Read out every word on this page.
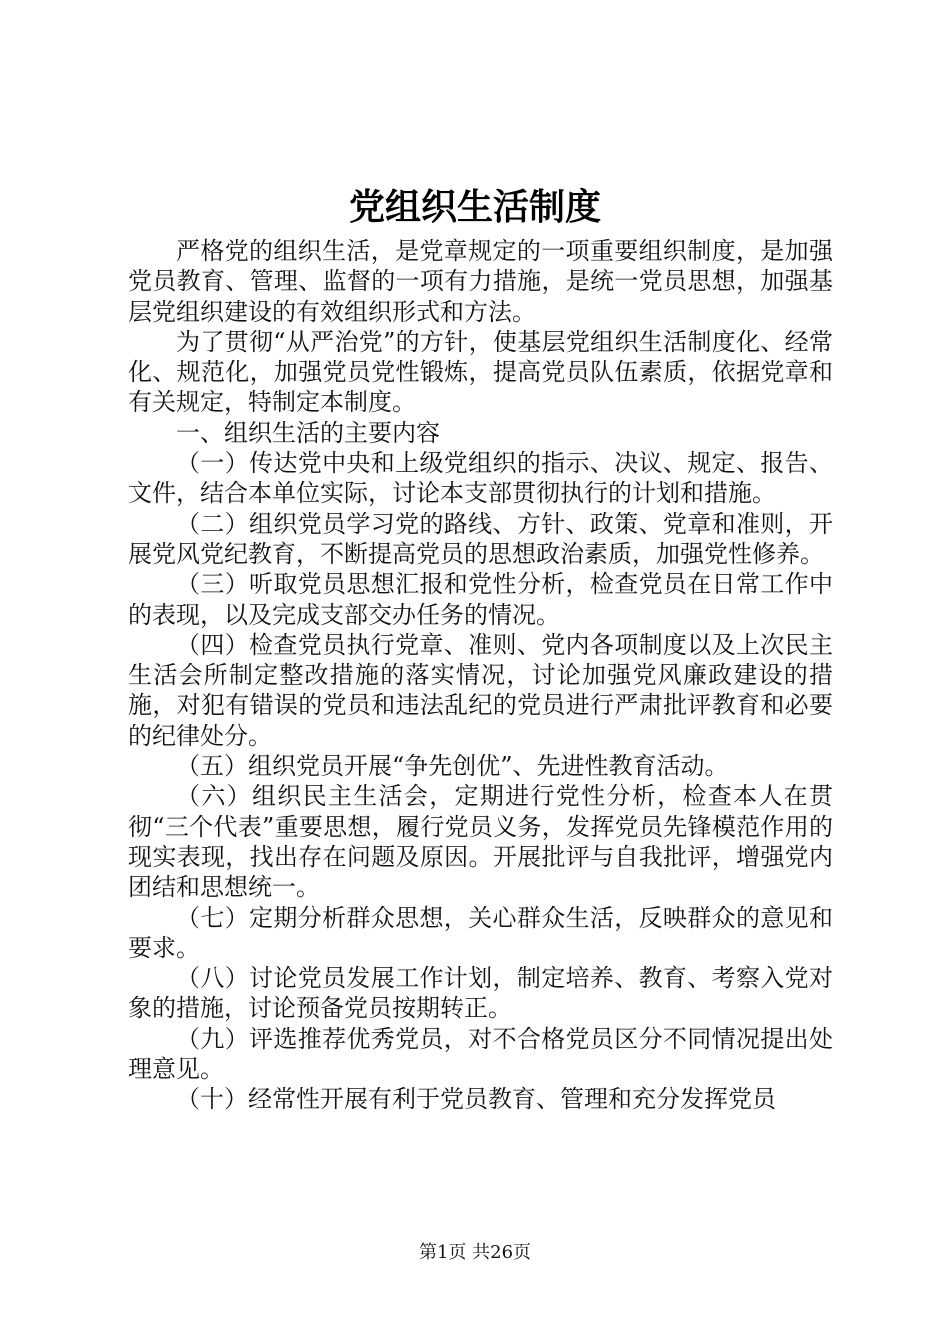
党组织生活制度

严格党的组织生活，是党章规定的一项重要组织制度，是加强党员教育、管理、监督的一项有力措施，是统一党员思想，加强基层党组织建设的有效组织形式和方法。

为了贯彻“从严治党”的方针，使基层党组织生活制度化、经常化、规范化，加强党员党性锻炼，提高党员队伍素质，依据党章和有关规定，特制定本制度。

一、组织生活的主要内容

（一）传达党中央和上级党组织的指示、决议、规定、报告、文件，结合本单位实际，讨论本支部贯彻执行的计划和措施。

（二）组织党员学习党的路线、方针、政策、党章和准则，开展党风党纪教育，不断提高党员的思想政治素质，加强党性修养。

（三）听取党员思想汇报和党性分析，检查党员在日常工作中的表现，以及完成支部交办任务的情况。

（四）检查党员执行党章、准则、党内各项制度以及上次民主生活会所制定整改措施的落实情况，讨论加强党风廉政建设的措施，对犯有错误的党员和违法乱纪的党员进行严肃批评教育和必要的纪律处分。

（五）组织党员开展“争先创优”、先进性教育活动。

（六）组织民主生活会，定期进行党性分析，检查本人在贯彻“三个代表”重要思想，履行党员义务，发挥党员先锋模范作用的现实表现，找出存在问题及原因。开展批评与自我批评，增强党内团结和思想统一。

（七）定期分析群众思想，关心群众生活，反映群众的意见和要求。

（八）讨论党员发展工作计划，制定培养、教育、考察入党对象的措施，讨论预备党员按期转正。

（九）评选推荐优秀党员，对不合格党员区分不同情况提出处理意见。

（十）经常性开展有利于党员教育、管理和充分发挥党员

第1页 共26页
